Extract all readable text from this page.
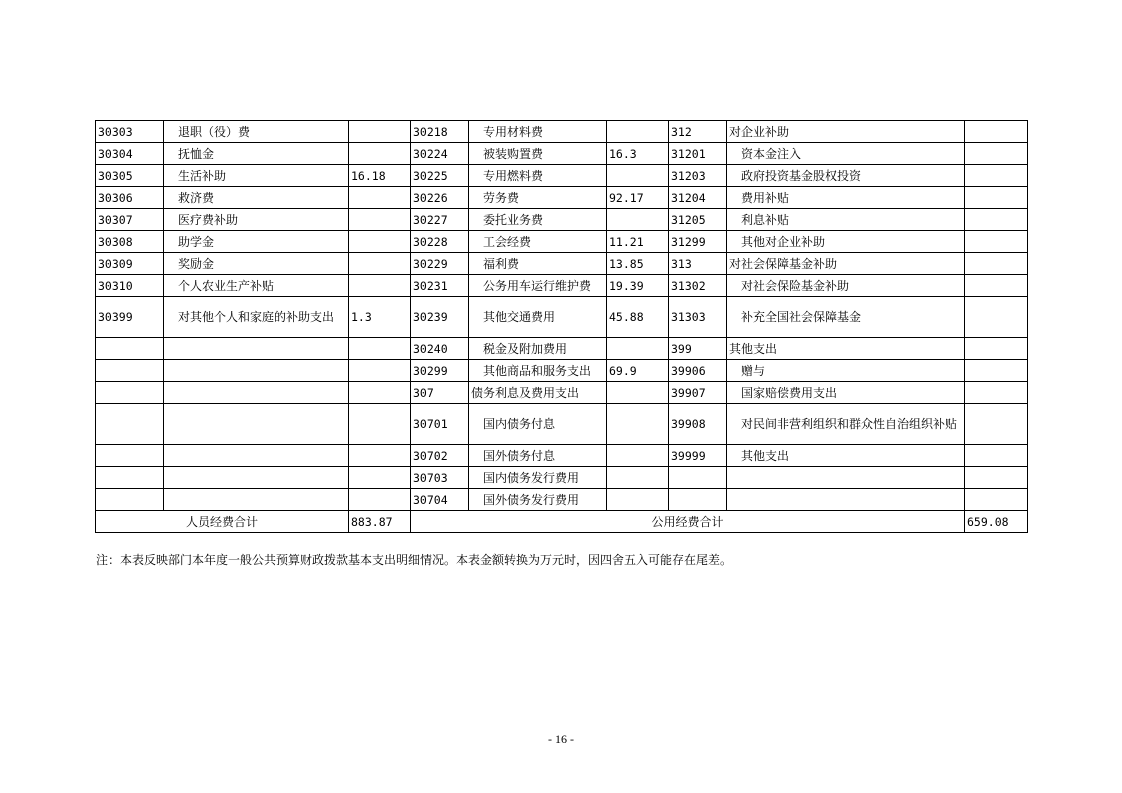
30303	退职（役）费		30218	专用材料费		312	对企业补助	
30304	抚恤金		30224	被装购置费	16.3	31201	资本金注入	
30305	生活补助	16.18	30225	专用燃料费		31203	政府投资基金股权投资	
30306	救济费		30226	劳务费	92.17	31204	费用补贴	
30307	医疗费补助		30227	委托业务费		31205	利息补贴	
30308	助学金		30228	工会经费	11.21	31299	其他对企业补助	
30309	奖励金		30229	福利费	13.85	313	对社会保障基金补助	
30310	个人农业生产补贴		30231	公务用车运行维护费	19.39	31302	对社会保险基金补助	
30399	对其他个人和家庭的补助支出	1.3	30239	其他交通费用	45.88	31303	补充全国社会保障基金	
			30240	税金及附加费用		399	其他支出	
			30299	其他商品和服务支出	69.9	39906	赠与	
			307	债务利息及费用支出		39907	国家赔偿费用支出	
			30701	国内债务付息		39908	对民间非营利组织和群众性自治组织补贴	
			30702	国外债务付息		39999	其他支出	
			30703	国内债务发行费用				
			30704	国外债务发行费用				
人员经费合计		883.87	公用经费合计					659.08
注：本表反映部门本年度一般公共预算财政拨款基本支出明细情况。本表金额转换为万元时，因四舍五入可能存在尾差。
- 16 -
